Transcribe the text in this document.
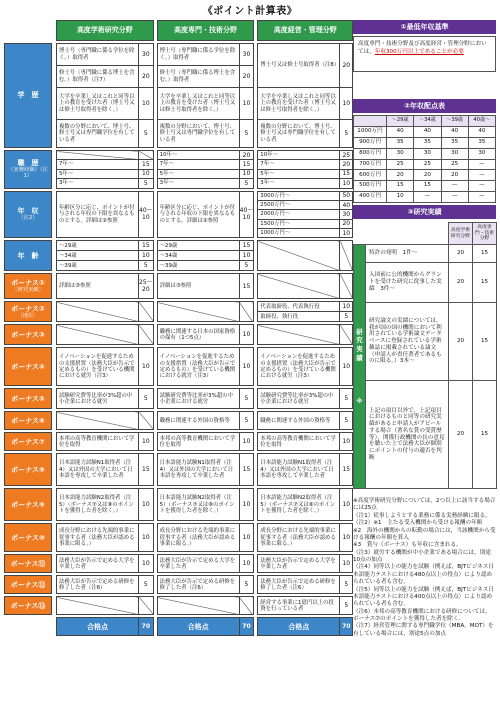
《ポイント計算表》
		高度学術研究分野			高度専門・技術分野			高度経営・管理分野	

学　歴		博士号（専門職に係る学位を除く。）取得者	30		博士号（専門職に係る学位を除く。）取得者	30		博士号又は修士号取得者（注8）	20
		修士号（専門職に係る博士を含む。）取得者（注7）	20		修士号（専門職に係る博士を含む。）取得者	20			
		大学を卒業し又はこれと同等以上の教育を受けた者（博士号又は修士号取得者を除く。）	10		大学を卒業し又はこれと同等以上の教育を受けた者（博士号又は修士号取得者を除く。）	10		大学を卒業し又はこれと同等以上の教育を受けた者（博士号又は修士号取得者を除く。）	10
		複数の分野において、博士号、修士号又は専門職学位を有している者	5		複数の分野において、博士号、修士号又は専門職学位を有している者	5		複数の分野において、博士号、修士号又は専門職学位を有している者	5

職　歴
（実務経験）（注1）					10年〜	20		10年〜	25
		7年〜	15		7年〜	15		7年〜	20
		5年〜	10		5年〜	10		5年〜	15
		3年〜	5		3年〜	5		3年〜	10

年　収
（注2）		年齢区分に応じ、ポイントが付与される年収の下限を異なるものとする。詳細は②参照	40〜10		年齢区分に応じ、ポイントが付与される年収の下限を異なるものとする。詳細は②参照	40〜10		3000万円〜	50
								2500万円〜	40
								2000万円〜	30
								1500万円〜	20
								1000万円〜	10

年　齢		〜29歳	15		〜29歳	15			
		〜34歳	10		〜34歳	10			
		〜39歳	5		〜39歳	5			

ボーナス①
〔研究実績〕		詳細は③参照	25〜20		詳細は③参照	15			

ボーナス②
〔地位〕								代表取締役、代表執行役	10
								取締役、執行役	5

ボーナス③					職務に関連する日本の国家資格の保有（1つ5点）	10			

ボーナス④		イノベーションを促進するための支援措置（法務大臣が告示で定めるもの）を受けている機関における就労（注3）	10		イノベーションを促進するための支援措置（法務大臣が告示で定めるもの）を受けている機関における就労（注3）	10		イノベーションを促進するための支援措置（法務大臣が告示で定めるもの）を受けている機関における就労（注3）	10

ボーナス⑤		試験研究費等比率が3%超の中小企業における就労	5		試験研究費等比率が3%超の中小企業における就労	5		試験研究費等比率が3%超の中小企業における就労	5

ボーナス⑥					職務に関連する外国の資格等	5		職務に関連する外国の資格等	5

ボーナス⑦		本邦の高等教育機関において学位を取得	10		本邦の高等教育機関において学位を取得	10		本邦の高等教育機関において学位を取得	10

ボーナス⑧		日本語能力試験N1取得者（注4）又は外国の大学において日本語を専攻して卒業した者	15		日本語能力試験N1取得者（注4）又は外国の大学において日本語を専攻して卒業した者	15		日本語能力試験N1取得者（注4）又は外国の大学において日本語を専攻して卒業した者	15

ボーナス⑨		日本語能力試験N2取得者（注5）（ボーナス⑦又は⑧のポイントを獲得した者を除く。）	10		日本語能力試験N2取得者（注5）（ボーナス⑦又は⑧のポイントを獲得した者を除く。）	10		日本語能力試験N2取得者（注5）（ボーナス⑦又は⑧のポイントを獲得した者を除く。）	10

ボーナス⑩		成長分野における先端的事業に従事する者（法務大臣が認める事業に限る。）	10		成長分野における先端的事業に従事する者（法務大臣が認める事業に限る。）	10		成長分野における先端的事業に従事する者（法務大臣が認める事業に限る。）	10

ボーナス⑪		法務大臣が告示で定める大学を卒業した者	10		法務大臣が告示で定める大学を卒業した者	10		法務大臣が告示で定める大学を卒業した者	10

ボーナス⑫		法務大臣が告示で定める研修を修了した者（注6）	5		法務大臣が告示で定める研修を修了した者（注6）	5		法務大臣が告示で定める研修を修了した者（注6）	5

ボーナス⑬								経営する事業に1億円以上の投資を行っている者	5

		合格点	70		合格点	70		合格点	70
①最低年収基準
高度専門・技術分野及び高度経営・管理分野においては，年収300万円以上であることが必要
②年収配点表
	〜29歳	〜34歳	〜39歳	40歳〜
1000万円	40	40	40	40
900万円	35	35	35	35
800万円	30	30	30	30
700万円	25	25	25	—
600万円	20	20	20	—
500万円	15	15	—	—
400万円	10	—	—	—
③研究実績
		高度学術研究分野	高度専門・技術分野
研究実績

※	特許の発明　1件〜	20	15
	入国前に公的機関からグラントを受けた研究に従事した実績　3件〜	20	15
	研究論文の実績については，我が国の国の機関において利用されている学術論文データベースに登録されている学術雑誌に掲載されている論文（申請人が責任著者であるものに限る。）3本〜	20	15
	上記の項目以外で，上記項目におけるものと同等の研究実績があると申請人がアピールする場合（著名な賞の受賞歴等），関係行政機関の長の意見を聴いた上で法務大臣が個別にポイントの付与の適否を判断	20	15
※高度学術研究分野については，2つ以上に該当する場合には25点
（注1）従事しようとする業務に係る実務経験に限る。
（注2）※1　主たる受入機関から受ける報酬の年額
※2　海外の機関からの転勤の場合には，当該機関から受ける報酬の年額を算入
※3　賞与（ボーナス）も年収に含まれる。
（注3）就労する機関が中小企業である場合には，別途10点の加点
（注4）同等以上の能力を試験（例えば，BJTビジネス日本語能力テストにおける480点以上の得点）により認められている者も含む。
（注5）同等以上の能力を試験（例えば，BJTビジネス日本語能力テストにおける400点以上の得点）により認められている者も含む。
（注6）本邦の高等教育機関における研修については，ボーナス⑦のポイントを獲得した者を除く。
（注7）経営管理に関する専門職学位（MBA，MOT）を有している場合には，別途5点の加点
